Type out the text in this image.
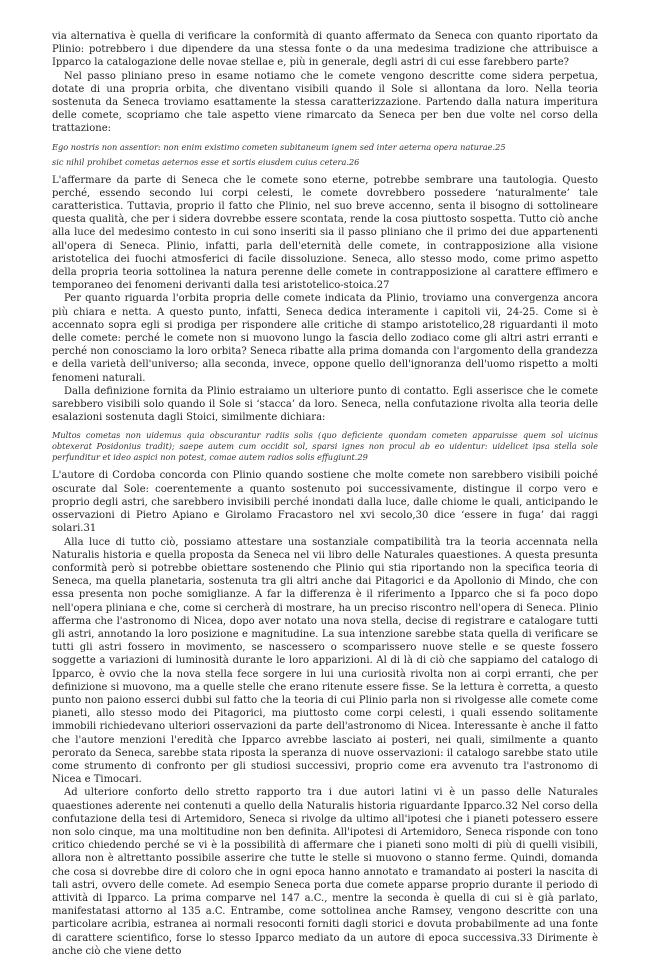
via alternativa è quella di verificare la conformità di quanto affermato da Seneca con quanto riportato da Plinio: potrebbero i due dipendere da una stessa fonte o da una medesima tradizione che attribuisce a Ipparco la catalogazione delle novae stellae e, più in generale, degli astri di cui esse farebbero parte?

Nel passo pliniano preso in esame notiamo che le comete vengono descritte come sidera perpetua, dotate di una propria orbita, che diventano visibili quando il Sole si allontana da loro. Nella teoria sostenuta da Seneca troviamo esattamente la stessa caratterizzazione. Partendo dalla natura imperitura delle comete, scopriamo che tale aspetto viene rimarcato da Seneca per ben due volte nel corso della trattazione:

Ego nostris non assentior: non enim existimo cometen subitaneum ignem sed inter aeterna opera naturae.25
sic nihil prohibet cometas aeternos esse et sortis eiusdem cuius cetera.26

L'affermare da parte di Seneca che le comete sono eterne, potrebbe sembrare una tautologia. Questo perché, essendo secondo lui corpi celesti, le comete dovrebbero possedere ‘naturalmente’ tale caratteristica. Tuttavia, proprio il fatto che Plinio, nel suo breve accenno, senta il bisogno di sottolineare questa qualità, che per i sidera dovrebbe essere scontata, rende la cosa piuttosto sospetta. Tutto ciò anche alla luce del medesimo contesto in cui sono inseriti sia il passo pliniano che il primo dei due appartenenti all'opera di Seneca. Plinio, infatti, parla dell'eternità delle comete, in contrapposizione alla visione aristotelica dei fuochi atmosferici di facile dissoluzione. Seneca, allo stesso modo, come primo aspetto della propria teoria sottolinea la natura perenne delle comete in contrapposizione al carattere effimero e temporaneo dei fenomeni derivanti dalla tesi aristotelico-stoica.27

Per quanto riguarda l'orbita propria delle comete indicata da Plinio, troviamo una convergenza ancora più chiara e netta. A questo punto, infatti, Seneca dedica interamente i capitoli vii, 24-25. Come si è accennato sopra egli si prodiga per rispondere alle critiche di stampo aristotelico,28 riguardanti il moto delle comete: perché le comete non si muovono lungo la fascia dello zodiaco come gli altri astri erranti e perché non conosciamo la loro orbita? Seneca ribatte alla prima domanda con l'argomento della grandezza e della varietà dell'universo; alla seconda, invece, oppone quello dell'ignoranza dell'uomo rispetto a molti fenomeni naturali.

Dalla definizione fornita da Plinio estraiamo un ulteriore punto di contatto. Egli asserisce che le comete sarebbero visibili solo quando il Sole si ‘stacca’ da loro. Seneca, nella confutazione rivolta alla teoria delle esalazioni sostenuta dagli Stoici, similmente dichiara:

Multos cometas non uidemus quia obscurantur radiis solis (quo deficiente quondam cometen apparuisse quem sol uicinus obtexerat Posidonius tradit); saepe autem cum occidit sol, sparsi ignes non procul ab eo uidentur: uidelicet ipsa stella sole perfunditur et ideo aspici non potest, comae autem radios solis effugiunt.29

L'autore di Cordoba concorda con Plinio quando sostiene che molte comete non sarebbero visibili poiché oscurate dal Sole: coerentemente a quanto sostenuto poi successivamente, distingue il corpo vero e proprio degli astri, che sarebbero invisibili perché inondati dalla luce, dalle chiome le quali, anticipando le osservazioni di Pietro Apiano e Girolamo Fracastoro nel xvi secolo,30 dice ‘essere in fuga’ dai raggi solari.31

Alla luce di tutto ciò, possiamo attestare una sostanziale compatibilità tra la teoria accennata nella Naturalis historia e quella proposta da Seneca nel vii libro delle Naturales quaestiones. A questa presunta conformità però si potrebbe obiettare sostenendo che Plinio qui stia riportando non la specifica teoria di Seneca, ma quella planetaria, sostenuta tra gli altri anche dai Pitagorici e da Apollonio di Mindo, che con essa presenta non poche somiglianze. A far la differenza è il riferimento a Ipparco che si fa poco dopo nell'opera pliniana e che, come si cercherà di mostrare, ha un preciso riscontro nell'opera di Seneca. Plinio afferma che l'astronomo di Nicea, dopo aver notato una nova stella, decise di registrare e catalogare tutti gli astri, annotando la loro posizione e magnitudine. La sua intenzione sarebbe stata quella di verificare se tutti gli astri fossero in movimento, se nascessero o scomparissero nuove stelle e se queste fossero soggette a variazioni di luminosità durante le loro apparizioni. Al di là di ciò che sappiamo del catalogo di Ipparco, è ovvio che la nova stella fece sorgere in lui una curiosità rivolta non ai corpi erranti, che per definizione si muovono, ma a quelle stelle che erano ritenute essere fisse. Se la lettura è corretta, a questo punto non paiono esserci dubbi sul fatto che la teoria di cui Plinio parla non si rivolgesse alle comete come pianeti, allo stesso modo dei Pitagorici, ma piuttosto come corpi celesti, i quali essendo solitamente immobili richiedevano ulteriori osservazioni da parte dell'astronomo di Nicea. Interessante è anche il fatto che l'autore menzioni l'eredità che Ipparco avrebbe lasciato ai posteri, nei quali, similmente a quanto perorato da Seneca, sarebbe stata riposta la speranza di nuove osservazioni: il catalogo sarebbe stato utile come strumento di confronto per gli studiosi successivi, proprio come era avvenuto tra l'astronomo di Nicea e Timocari.

Ad ulteriore conforto dello stretto rapporto tra i due autori latini vi è un passo delle Naturales quaestiones aderente nei contenuti a quello della Naturalis historia riguardante Ipparco.32 Nel corso della confutazione della tesi di Artemidoro, Seneca si rivolge da ultimo all'ipotesi che i pianeti potessero essere non solo cinque, ma una moltitudine non ben definita. All'ipotesi di Artemidoro, Seneca risponde con tono critico chiedendo perché se vi è la possibilità di affermare che i pianeti sono molti di più di quelli visibili, allora non è altrettanto possibile asserire che tutte le stelle si muovono o stanno ferme. Quindi, domanda che cosa si dovrebbe dire di coloro che in ogni epoca hanno annotato e tramandato ai posteri la nascita di tali astri, ovvero delle comete. Ad esempio Seneca porta due comete apparse proprio durante il periodo di attività di Ipparco. La prima comparve nel 147 a.C., mentre la seconda è quella di cui si è già parlato, manifestatasi attorno al 135 a.C. Entrambe, come sottolinea anche Ramsey, vengono descritte con una particolare acribia, estranea ai normali resoconti forniti dagli storici e dovuta probabilmente ad una fonte di carattere scientifico, forse lo stesso Ipparco mediato da un autore di epoca successiva.33 Dirimente è anche ciò che viene detto
